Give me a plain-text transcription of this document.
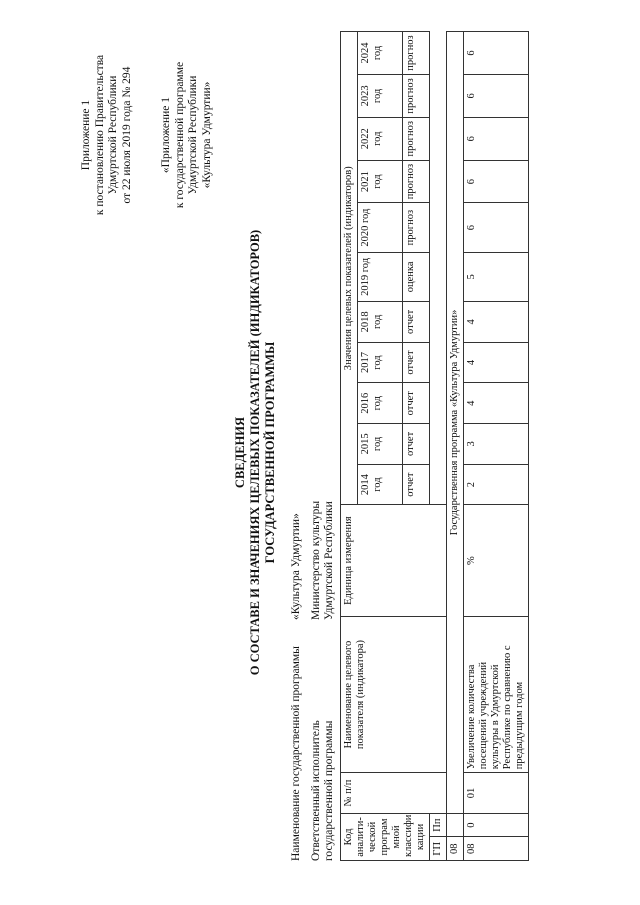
Приложение 1 к постановлению Правительства Удмуртской Республики от 22 июля 2019 года № 294 «Приложение 1 к государственной программе Удмуртской Республики «Культура Удмуртии»
СВЕДЕНИЯ О СОСТАВЕ И ЗНАЧЕНИЯХ ЦЕЛЕВЫХ ПОКАЗАТЕЛЕЙ (ИНДИКАТОРОВ) ГОСУДАРСТВЕННОЙ ПРОГРАММЫ
Наименование государственной программы
«Культура Удмуртии»
Ответственный исполнитель государственной программы
Министерство культуры Удмуртской Республики
Код аналити-ческой програм мной классифи кации		№ п/п	Наименование целевого показателя (индикатора)	Единица измерения	Значения целевых показателей (индикаторов)										
					2014 год	2015 год	2016 год	2017 год	2018 год	2019 год	2020 год	2021 год	2022 год	2023 год	2024 год
					отчет	отчет	отчет	отчет	отчет	оценка	прогноз	прогноз	прогноз	прогноз	прогноз
ГП	Пп														
08		Государственная программа «Культура Удмуртии»													
08	0	01	Увеличение количества посещений учреждений культуры в Удмуртской Республике по сравнению с предыдущим годом	%	2	3	4	4	4	5	6	6	6	6	6
